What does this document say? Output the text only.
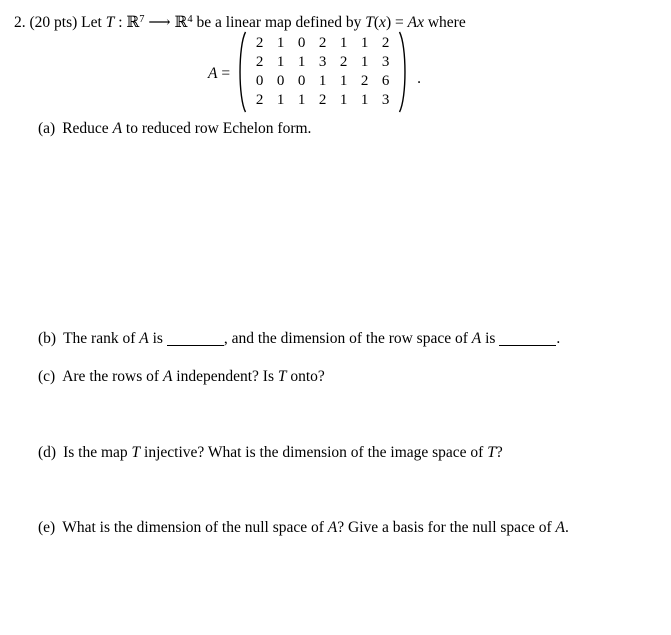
2. (20 pts) Let T : ℝ$^7$ ⟶ ℝ$^4$ be a linear map defined by T(x) = Ax where
A =
2 1 0 2 1 1 2
2 1 1 3 2 1 3
0 0 0 1 1 2 6
2 1 1 2 1 1 3
.
(a) Reduce A to reduced row Echelon form.
(b) The rank of A is	, and the dimension of the row space of A is	.
(c) Are the rows of A independent? Is T onto?
(d) Is the map T injective? What is the dimension of the image space of T?
(e) What is the dimension of the null space of A? Give a basis for the null space of A.
